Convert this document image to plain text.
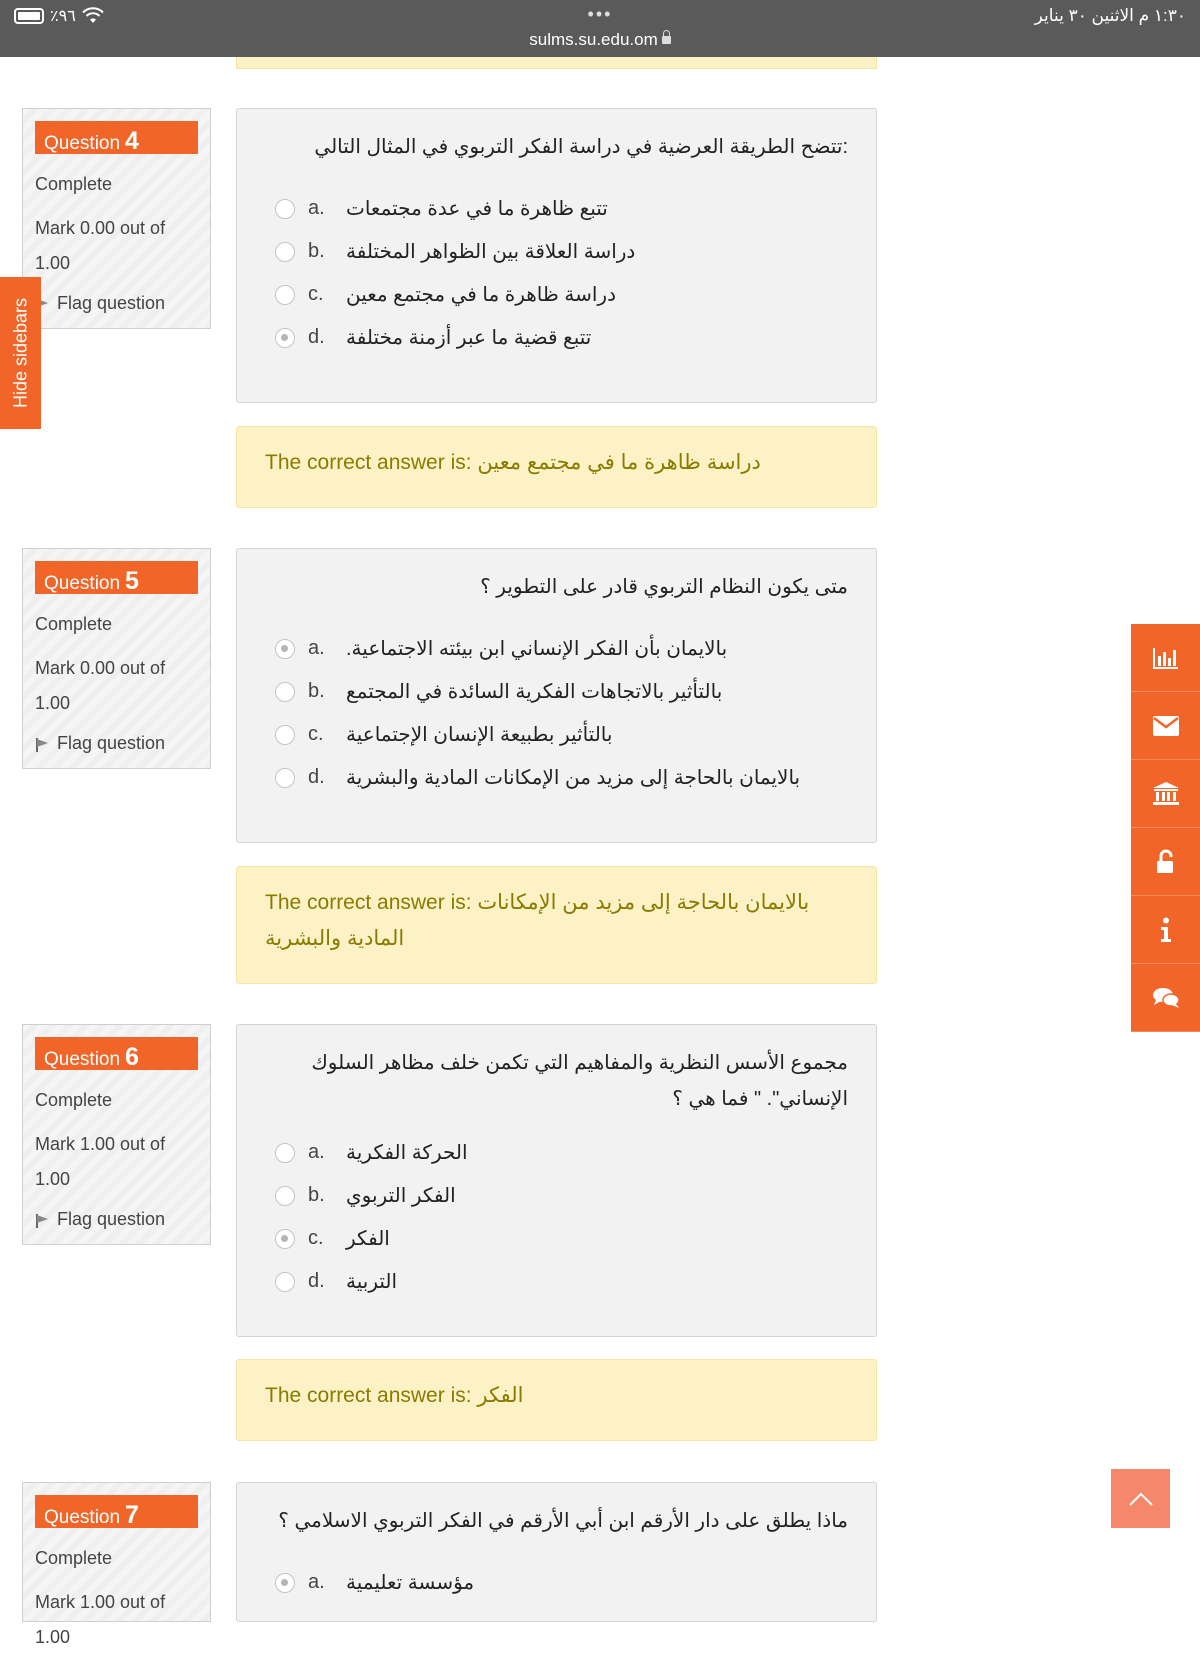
٪٩٦	•••
sulms.su.edu.om
١:٣٠ م الاثنين ٣٠ يناير
Question 4
Complete
Mark 0.00 out of 1.00
Flag question
:تتضح الطريقة العرضية في دراسة الفكر التربوي في المثال التالي
a.	تتبع ظاهرة ما في عدة مجتمعات
b.	دراسة العلاقة بين الظواهر المختلفة
c.	دراسة ظاهرة ما في مجتمع معين
d.	تتبع قضية ما عبر أزمنة مختلفة
The correct answer is: دراسة ظاهرة ما في مجتمع معين
Question 5
Complete
Mark 0.00 out of 1.00
Flag question
متى يكون النظام التربوي قادر على التطوير ؟
a.	بالايمان بأن الفكر الإنساني ابن بيئته الاجتماعية.
b.	بالتأثير بالاتجاهات الفكرية السائدة في المجتمع
c.	بالتأثير بطبيعة الإنسان الإجتماعية
d.	بالايمان بالحاجة إلى مزيد من الإمكانات المادية والبشرية
The correct answer is: بالايمان بالحاجة إلى مزيد من الإمكانات المادية والبشرية
Question 6
Complete
Mark 1.00 out of 1.00
Flag question
مجموع الأسس النظرية والمفاهيم التي تكمن خلف مظاهر السلوك الإنساني". " فما هي ؟
a.	الحركة الفكرية
b.	الفكر التربوي
c.	الفكر
d.	التربية
The correct answer is: الفكر
Question 7
Complete
Mark 1.00 out of 1.00
ماذا يطلق على دار الأرقم ابن أبي الأرقم في الفكر التربوي الاسلامي ؟
a.	مؤسسة تعليمية
Hide sidebars
